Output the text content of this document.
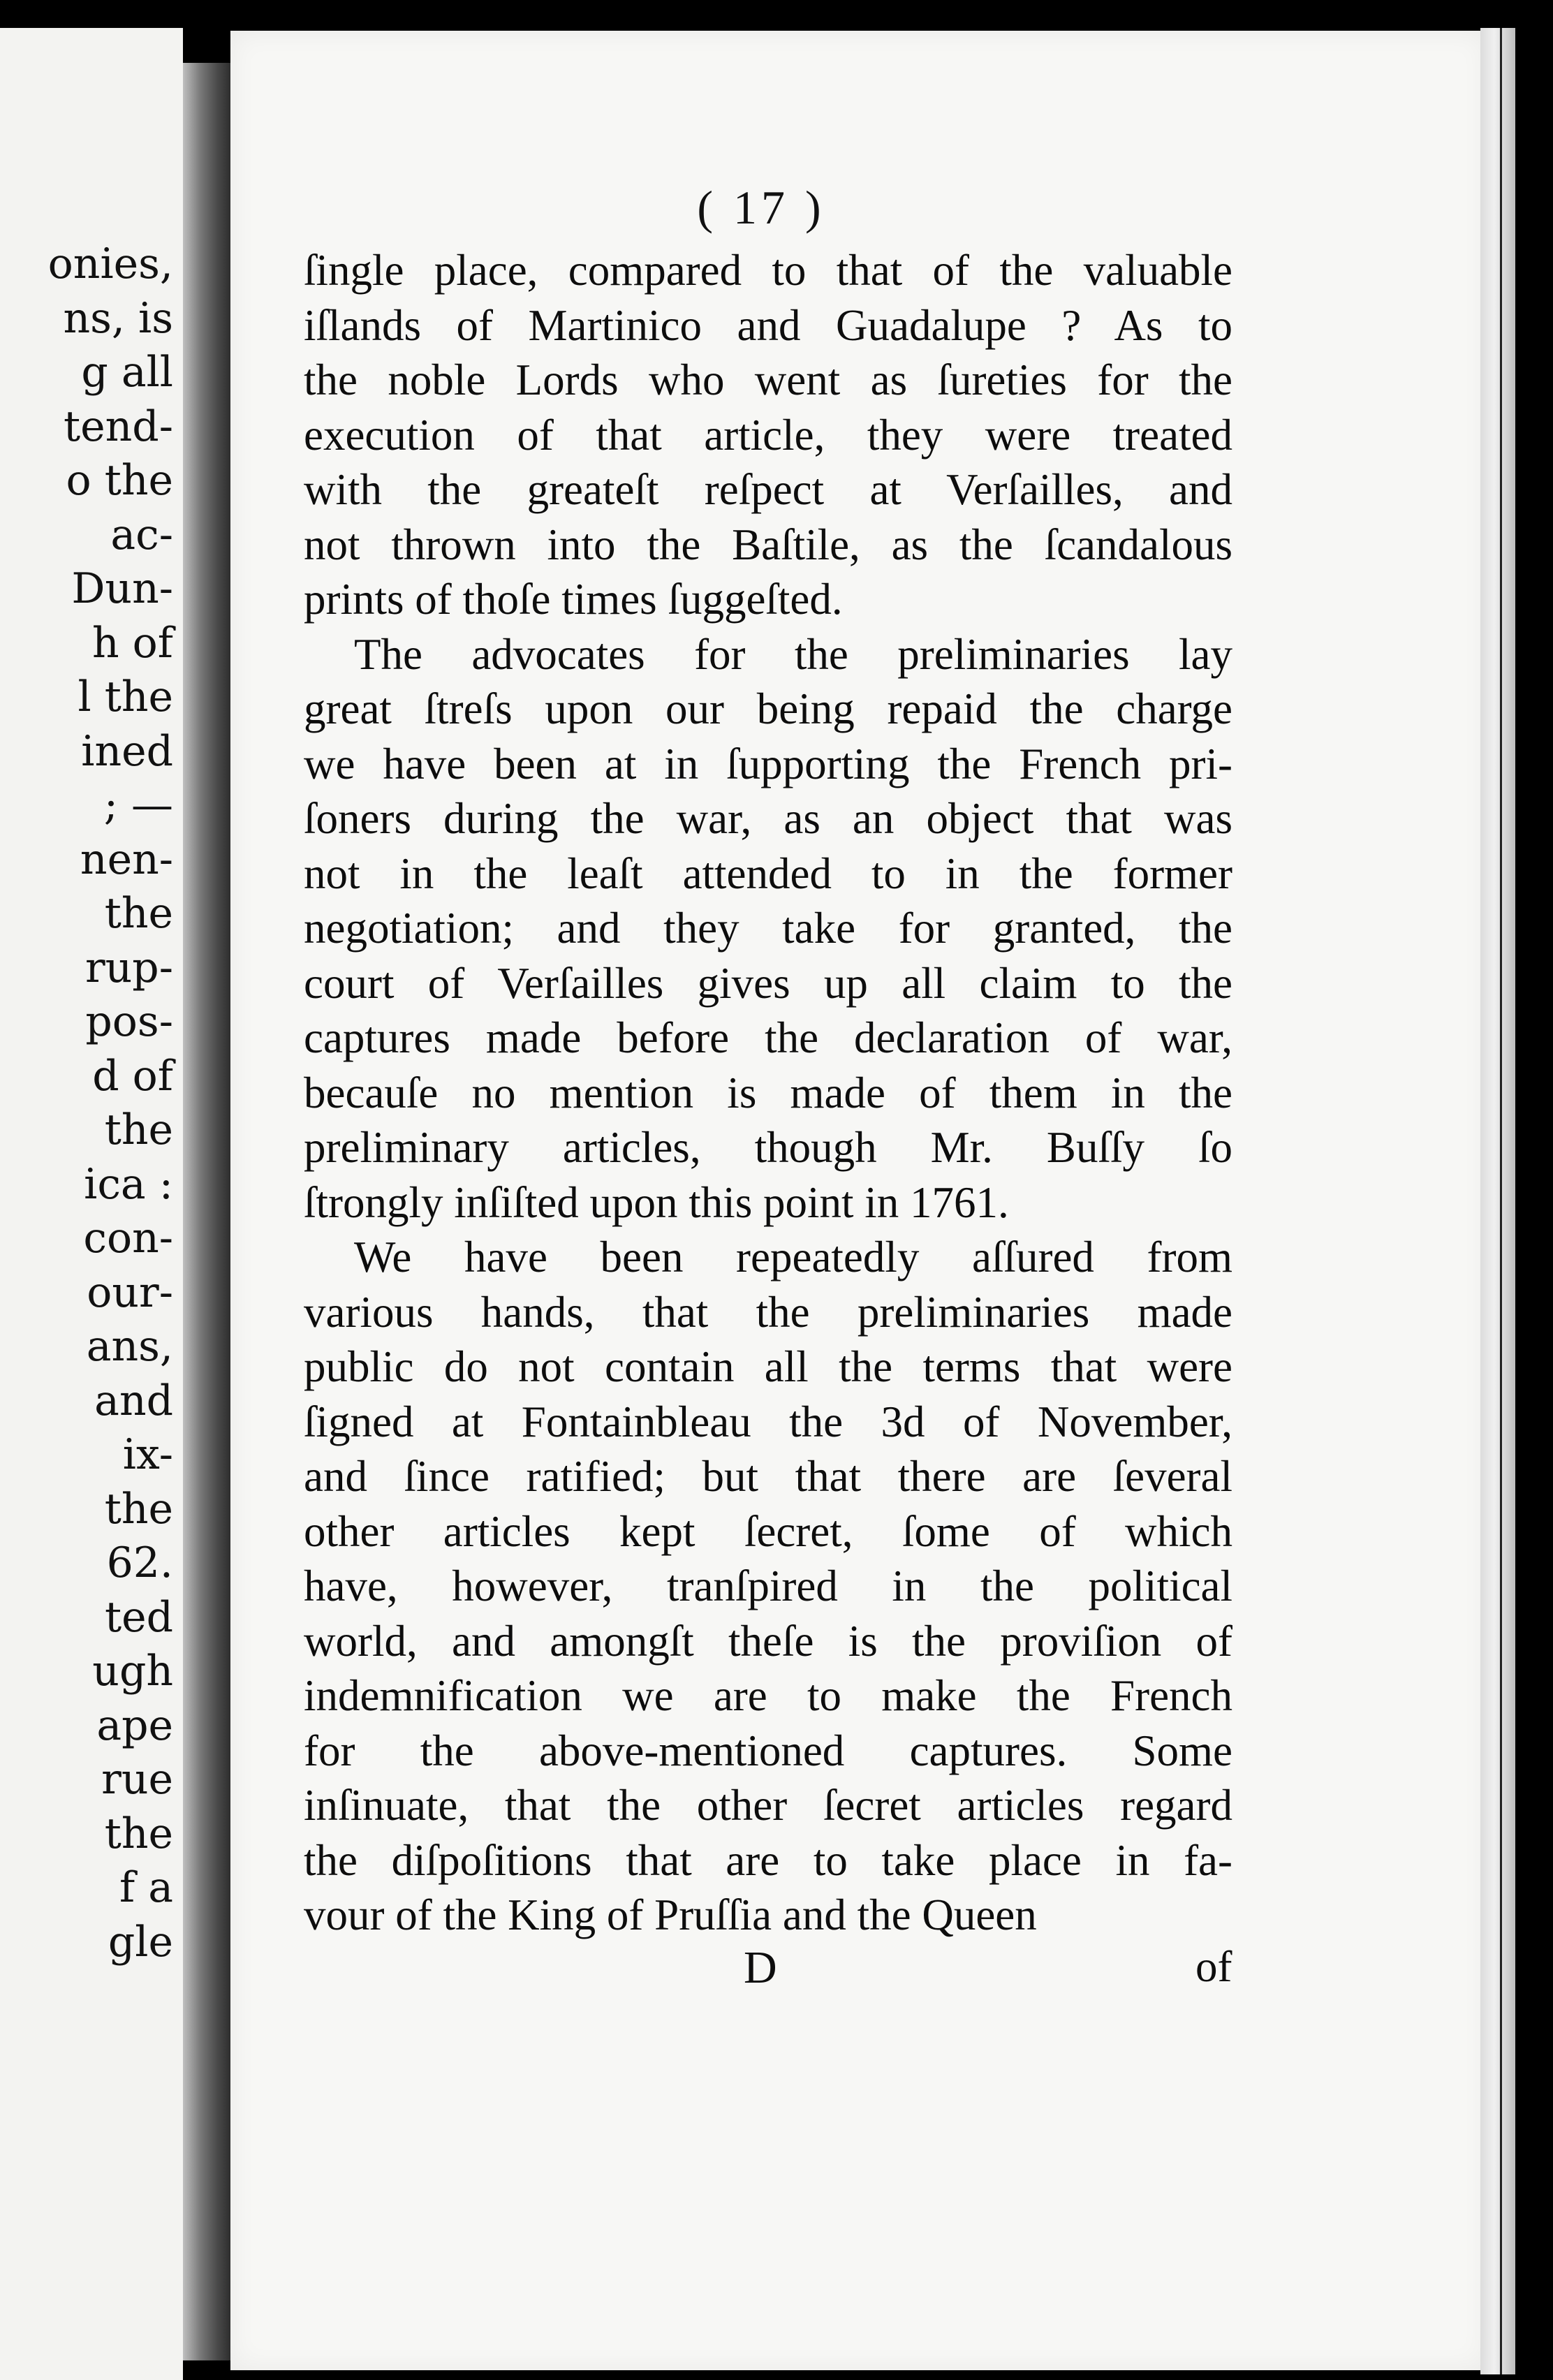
onies,
ns, is
g all
tend-
o the
ac-
Dun-
h of
l the
ined
; —
nen-
the
rup-
pos-
d of
the
ica :
con-
our-
ans,
and
ix-
the
62.
ted
ugh
ape
rue
the
f a
gle
( 17 )
ſingle place, compared to that of the valuable
iſlands of Martinico and Guadalupe ? As to
the noble Lords who went as ſureties for the
execution of that article, they were treated
with the greateſt reſpect at Verſailles, and
not thrown into the Baſtile, as the ſcandalous
prints of thoſe times ſuggeſted.
The advocates for the preliminaries lay
great ſtreſs upon our being repaid the charge
we have been at in ſupporting the French pri-
ſoners during the war, as an object that was
not in the leaſt attended to in the former
negotiation; and they take for granted, the
court of Verſailles gives up all claim to the
captures made before the declaration of war,
becauſe no mention is made of them in the
preliminary articles, though Mr. Buſſy ſo
ſtrongly inſiſted upon this point in 1761.
We have been repeatedly aſſured from
various hands, that the preliminaries made
public do not contain all the terms that were
ſigned at Fontainbleau the 3d of November,
and ſince ratified; but that there are ſeveral
other articles kept ſecret, ſome of which
have, however, tranſpired in the political
world, and amongſt theſe is the proviſion of
indemnification we are to make the French
for the above-mentioned captures. Some
inſinuate, that the other ſecret articles regard
the diſpoſitions that are to take place in fa-
vour of the King of Pruſſia and the Queen
D	of
